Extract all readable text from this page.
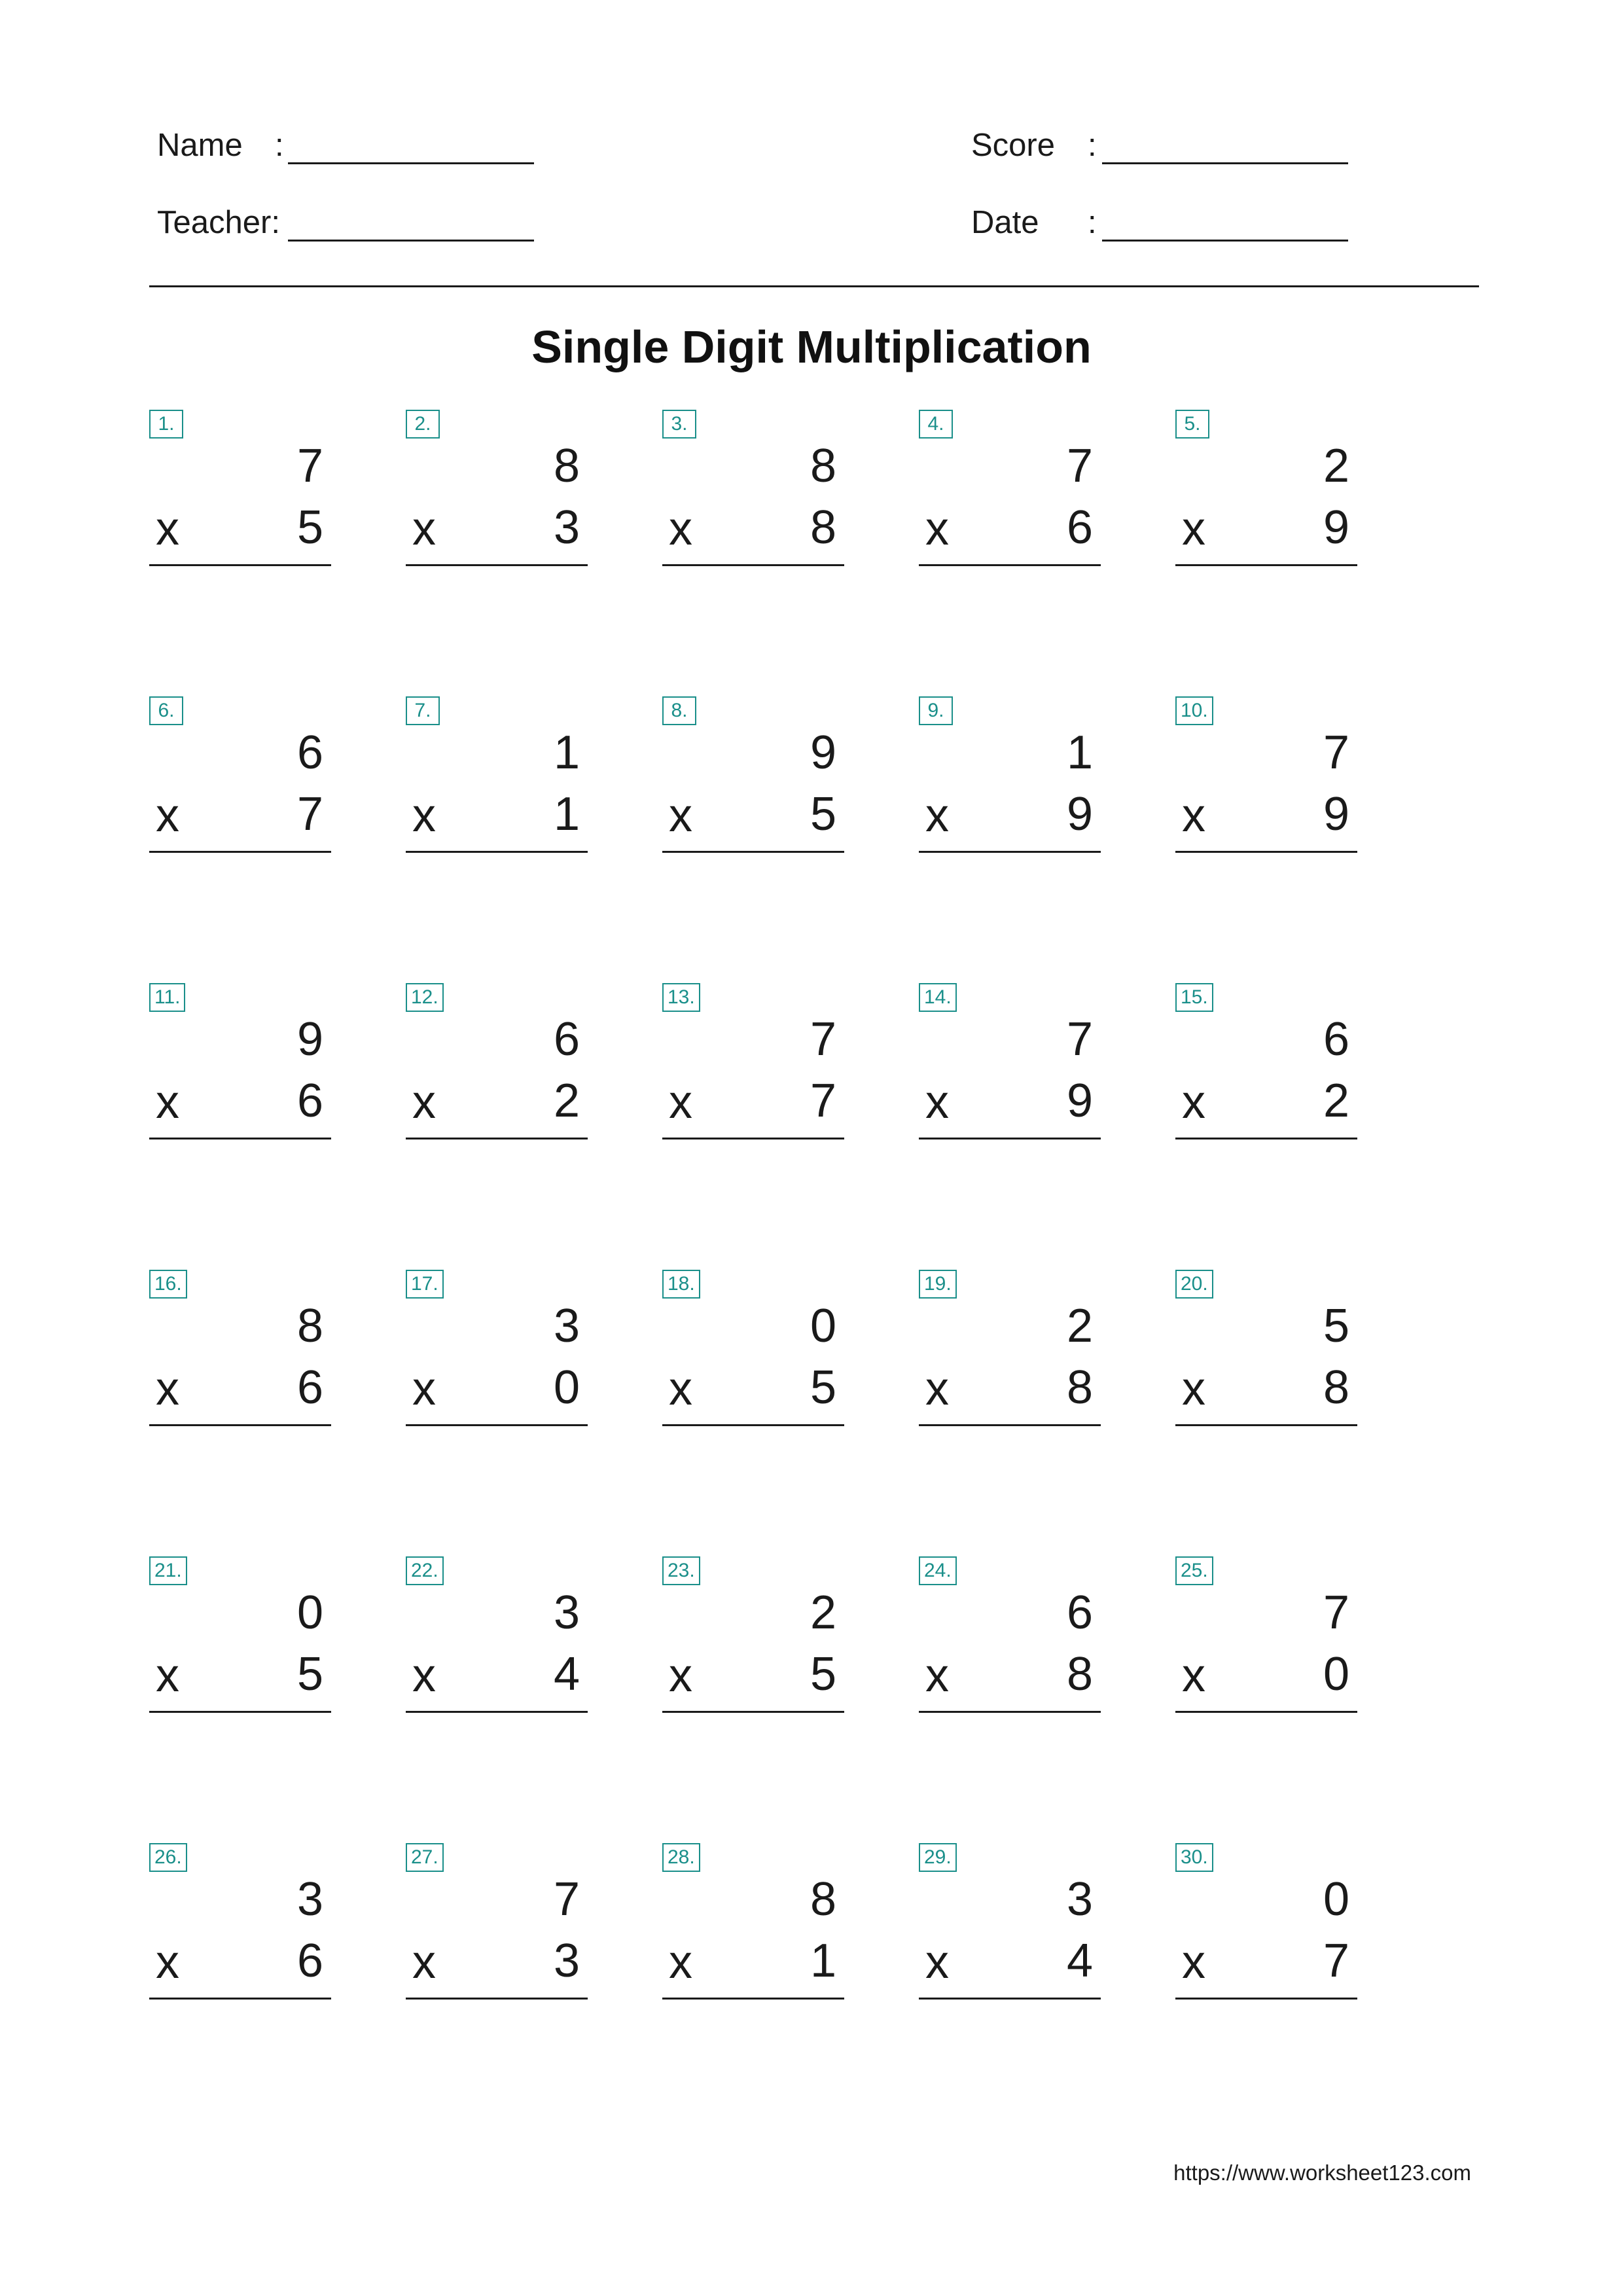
Name :
Teacher:
Score :
Date :
Single Digit Multiplication
1.
7
x 5
2.
8
x 3
3.
8
x 8
4.
7
x 6
5.
2
x 9
6.
6
x 7
7.
1
x 1
8.
9
x 5
9.
1
x 9
10.
7
x 9
11.
9
x 6
12.
6
x 2
13.
7
x 7
14.
7
x 9
15.
6
x 2
16.
8
x 6
17.
3
x 0
18.
0
x 5
19.
2
x 8
20.
5
x 8
21.
0
x 5
22.
3
x 4
23.
2
x 5
24.
6
x 8
25.
7
x 0
26.
3
x 6
27.
7
x 3
28.
8
x 1
29.
3
x 4
30.
0
x 7
https://www.worksheet123.com
